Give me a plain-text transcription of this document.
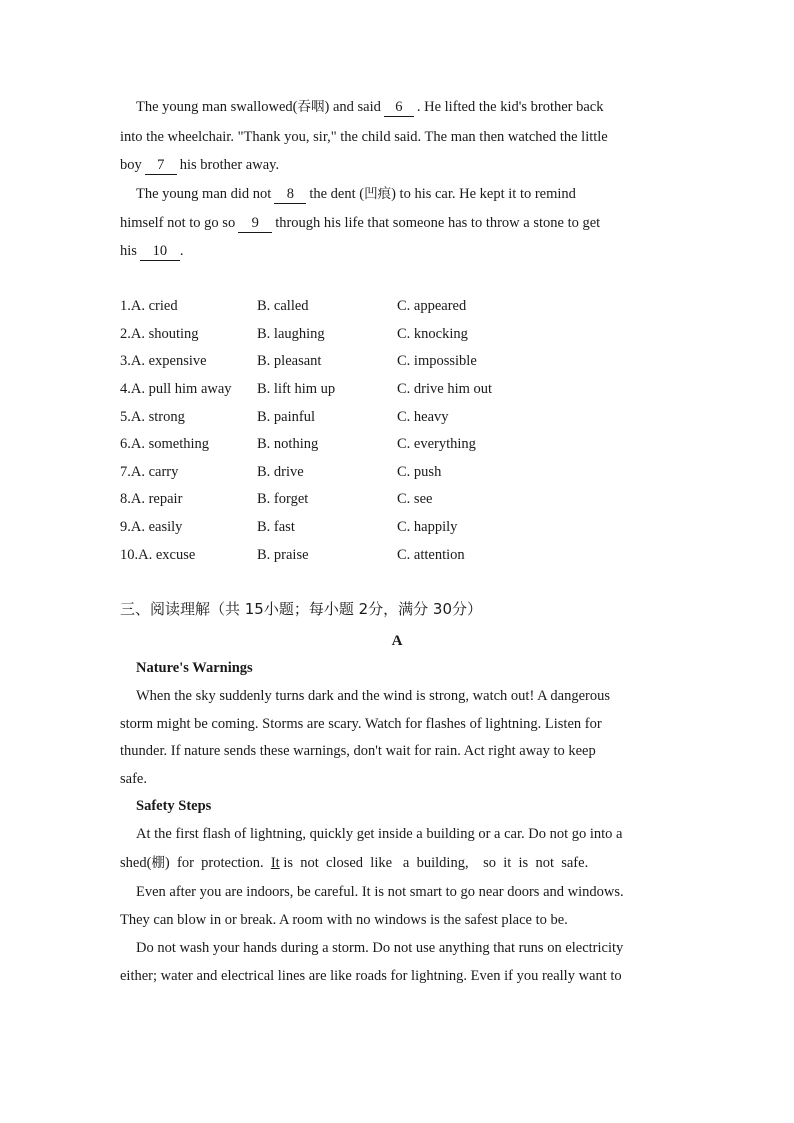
The young man swallowed(吞咽) and said 6 . He lifted the kid's brother back
into the wheelchair. "Thank you, sir," the child said. The man then watched the little
boy 7 his brother away.
The young man did not 8 the dent (凹痕) to his car. He kept it to remind
himself not to go so 9 through his life that someone has to throw a stone to get
his 10 .
1.A. cried	B. called	C. appeared
2.A. shouting	B. laughing	C. knocking
3.A. expensive	B. pleasant	C. impossible
4.A. pull him away B. lift him up	C. drive him out
5.A. strong	B. painful	C. heavy
6.A. something	B. nothing	C. everything
7.A. carry	B. drive	C. push
8.A. repair	B. forget	C. see
9.A. easily	B. fast	C. happily
10.A. excuse	B. praise	C. attention
三、阅读理解（共 15小题；每小题 2分，满分 30分）
A
Nature's Warnings
When the sky suddenly turns dark and the wind is strong, watch out! A dangerous
storm might be coming. Storms are scary. Watch for flashes of lightning. Listen for
thunder. If nature sends these warnings, don't wait for rain. Act right away to keep
safe.
Safety Steps
At the first flash of lightning, quickly get inside a building or a car. Do not go into a
shed(棚)  for  protection.  It is  not  closed  like   a  building,    so  it  is  not  safe.
Even after you are indoors, be careful. It is not smart to go near doors and windows.
They can blow in or break. A room with no windows is the safest place to be.
Do not wash your hands during a storm. Do not use anything that runs on electricity
either; water and electrical lines are like roads for lightning. Even if you really want to
